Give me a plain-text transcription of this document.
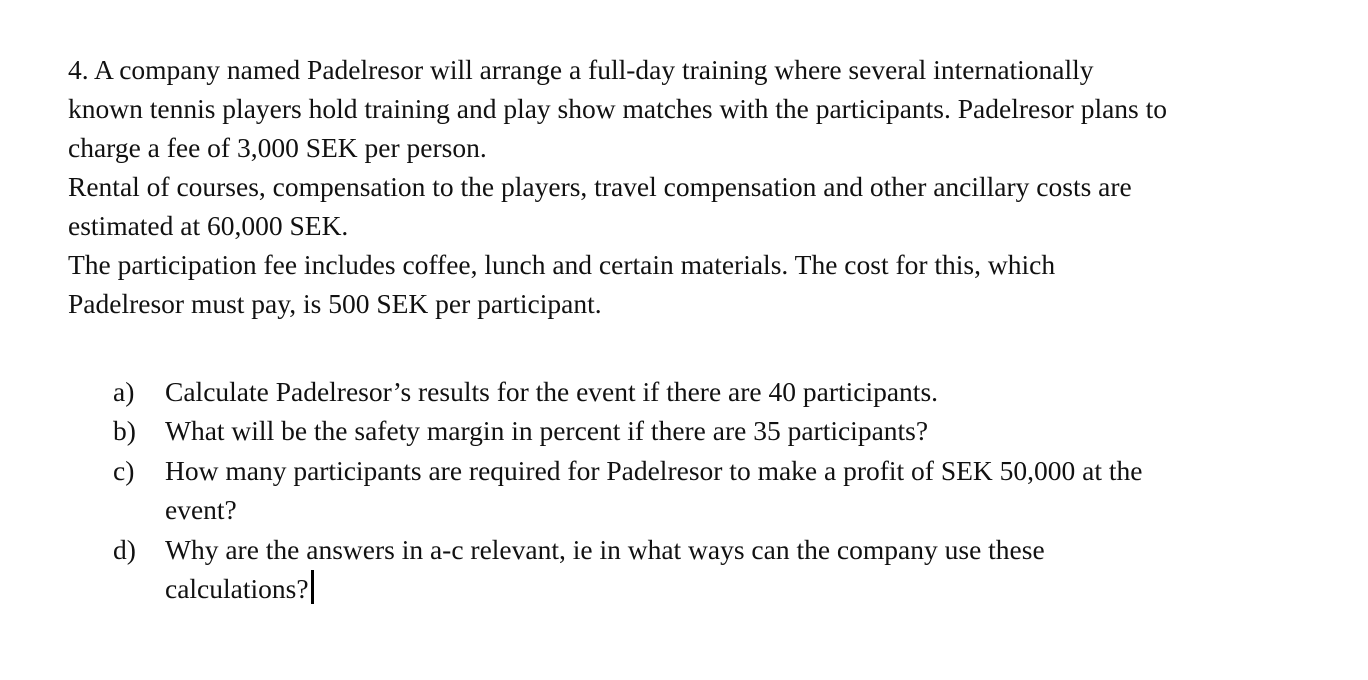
4. A company named Padelresor will arrange a full-day training where several internationally
known tennis players hold training and play show matches with the participants. Padelresor plans to
charge a fee of 3,000 SEK per person.

Rental of courses, compensation to the players, travel compensation and other ancillary costs are
estimated at 60,000 SEK.

The participation fee includes coffee, lunch and certain materials. The cost for this, which
Padelresor must pay, is 500 SEK per participant.

a) Calculate Padelresor’s results for the event if there are 40 participants.
b) What will be the safety margin in percent if there are 35 participants?
c) How many participants are required for Padelresor to make a profit of SEK 50,000 at the
event?
d) Why are the answers in a-c relevant, ie in what ways can the company use these
calculations?
